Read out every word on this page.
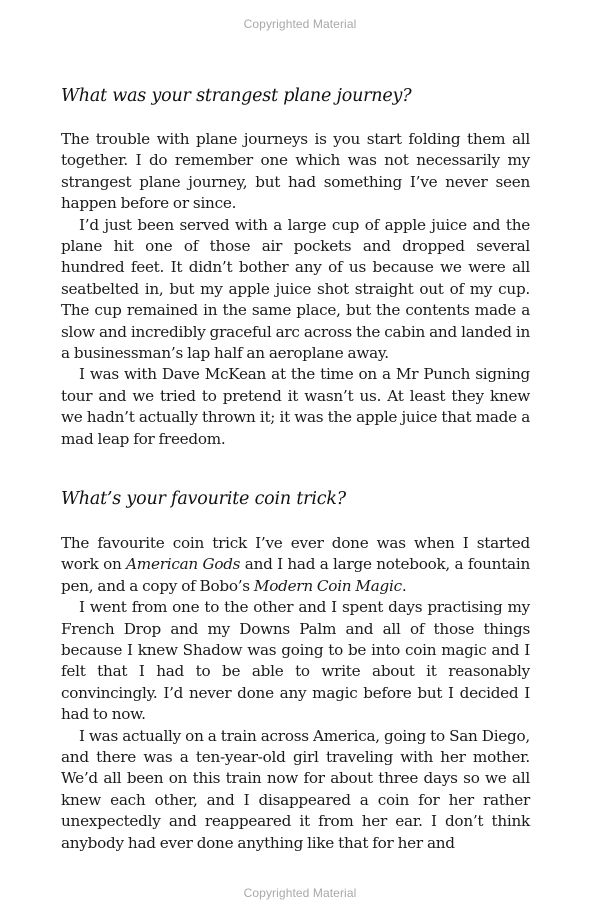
Copyrighted Material
What was your strangest plane journey?

The trouble with plane journeys is you start folding them all together. I do remember one which was not necessarily my strangest plane journey, but had something I’ve never seen happen before or since.

I’d just been served with a large cup of apple juice and the plane hit one of those air pockets and dropped several hundred feet. It didn’t bother any of us because we were all seatbelted in, but my apple juice shot straight out of my cup. The cup remained in the same place, but the contents made a slow and incredibly graceful arc across the cabin and landed in a businessman’s lap half an aeroplane away.

I was with Dave McKean at the time on a Mr Punch signing tour and we tried to pretend it wasn’t us. At least they knew we hadn’t actually thrown it; it was the apple juice that made a mad leap for freedom.

What’s your favourite coin trick?

The favourite coin trick I’ve ever done was when I started work on American Gods and I had a large notebook, a fountain pen, and a copy of Bobo’s Modern Coin Magic.

I went from one to the other and I spent days practising my French Drop and my Downs Palm and all of those things because I knew Shadow was going to be into coin magic and I felt that I had to be able to write about it reasonably convincingly. I’d never done any magic before but I decided I had to now.

I was actually on a train across America, going to San Diego, and there was a ten-year-old girl traveling with her mother. We’d all been on this train now for about three days so we all knew each other, and I disappeared a coin for her rather unexpectedly and reappeared it from her ear. I don’t think anybody had ever done anything like that for her and

Copyrighted Material
